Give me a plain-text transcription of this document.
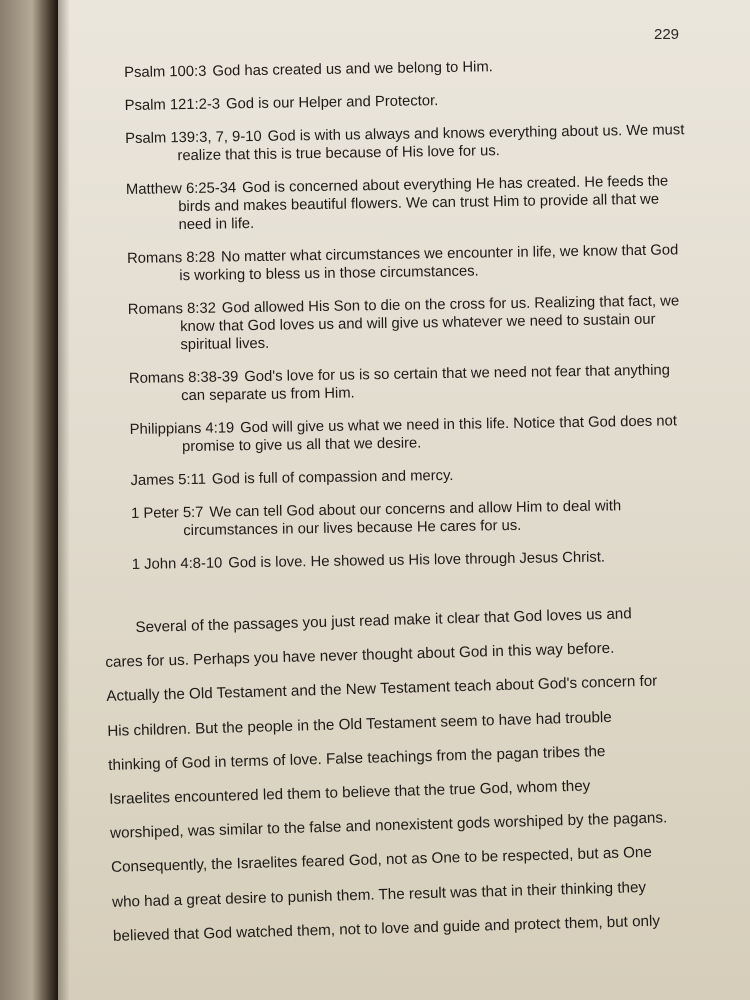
229
Psalm 100:3 God has created us and we belong to Him.
Psalm 121:2-3 God is our Helper and Protector.
Psalm 139:3, 7, 9-10 God is with us always and knows everything about us. We must realize that this is true because of His love for us.
Matthew 6:25-34 God is concerned about everything He has created. He feeds the birds and makes beautiful flowers. We can trust Him to provide all that we need in life.
Romans 8:28 No matter what circumstances we encounter in life, we know that God is working to bless us in those circumstances.
Romans 8:32 God allowed His Son to die on the cross for us. Realizing that fact, we know that God loves us and will give us whatever we need to sustain our spiritual lives.
Romans 8:38-39 God's love for us is so certain that we need not fear that anything can separate us from Him.
Philippians 4:19 God will give us what we need in this life. Notice that God does not promise to give us all that we desire.
James 5:11 God is full of compassion and mercy.
1 Peter 5:7 We can tell God about our concerns and allow Him to deal with circumstances in our lives because He cares for us.
1 John 4:8-10 God is love. He showed us His love through Jesus Christ.
Several of the passages you just read make it clear that God loves us and
cares for us. Perhaps you have never thought about God in this way before.
Actually the Old Testament and the New Testament teach about God's concern for
His children. But the people in the Old Testament seem to have had trouble
thinking of God in terms of love. False teachings from the pagan tribes the
Israelites encountered led them to believe that the true God, whom they
worshiped, was similar to the false and nonexistent gods worshiped by the pagans.
Consequently, the Israelites feared God, not as One to be respected, but as One
who had a great desire to punish them. The result was that in their thinking they
believed that God watched them, not to love and guide and protect them, but only
